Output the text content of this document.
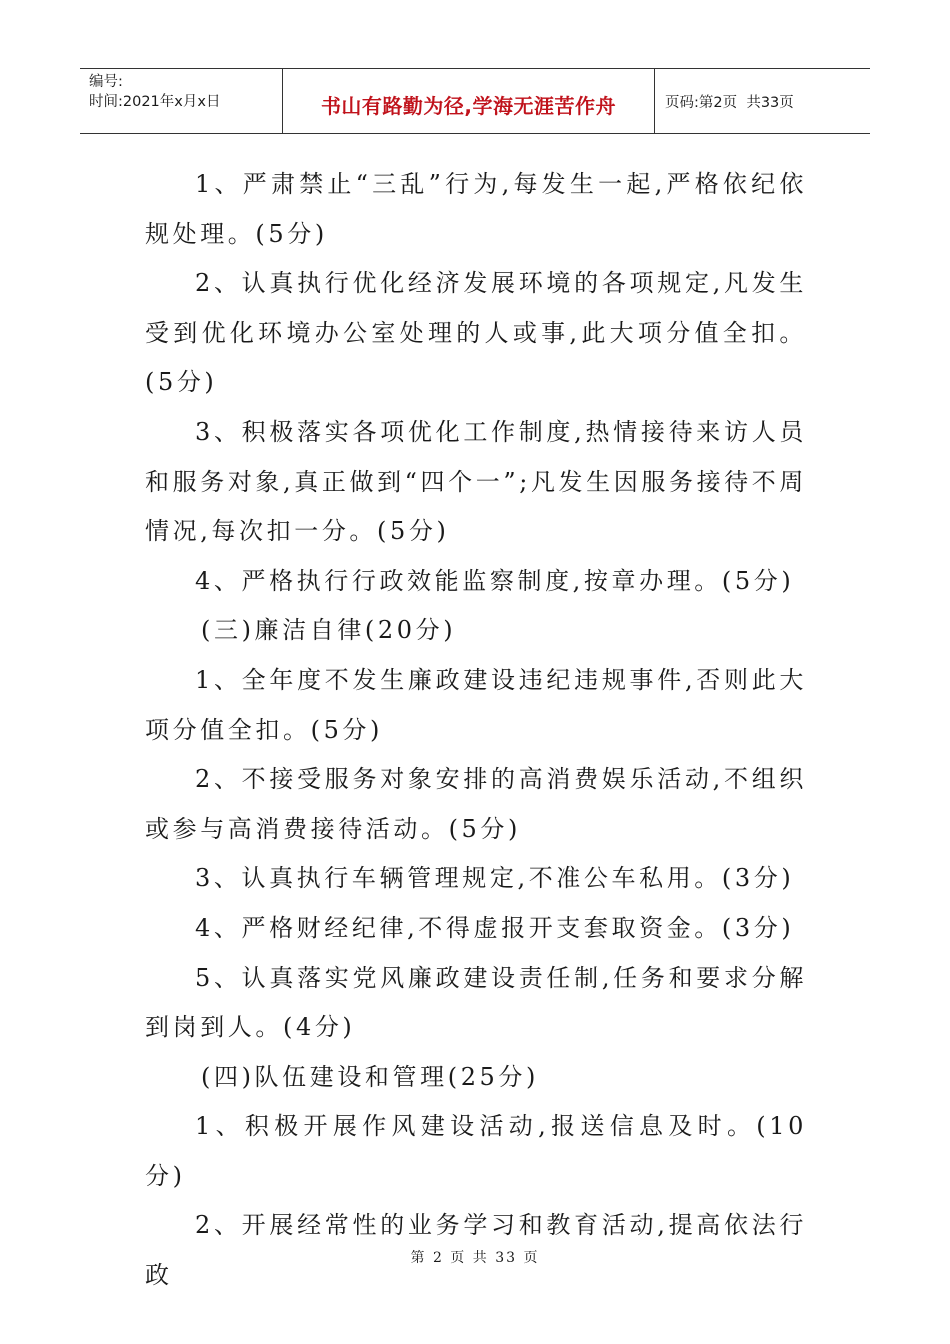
编号:
时间:2021年x月x日	书山有路勤为径,学海无涯苦作舟	页码:第2页  共33页

1、严肃禁止“三乱”行为,每发生一起,严格依纪依规处理。(5分)

2、认真执行优化经济发展环境的各项规定,凡发生受到优化环境办公室处理的人或事,此大项分值全扣。(5分)

3、积极落实各项优化工作制度,热情接待来访人员和服务对象,真正做到“四个一”;凡发生因服务接待不周情况,每次扣一分。(5分)

4、严格执行行政效能监察制度,按章办理。(5分)

(三)廉洁自律(20分)

1、全年度不发生廉政建设违纪违规事件,否则此大项分值全扣。(5分)

2、不接受服务对象安排的高消费娱乐活动,不组织或参与高消费接待活动。(5分)

3、认真执行车辆管理规定,不准公车私用。(3分)

4、严格财经纪律,不得虚报开支套取资金。(3分)

5、认真落实党风廉政建设责任制,任务和要求分解到岗到人。(4分)

(四)队伍建设和管理(25分)

1、积极开展作风建设活动,报送信息及时。(10分)

2、开展经常性的业务学习和教育活动,提高依法行政

第 2 页 共 33 页
